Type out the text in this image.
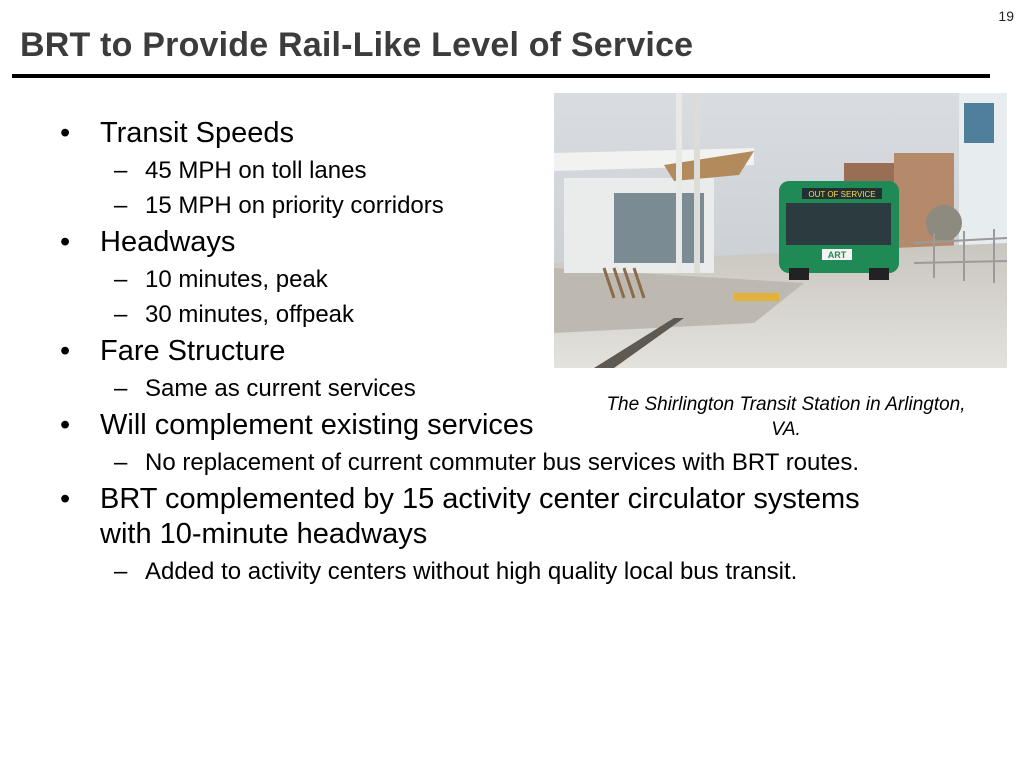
19
BRT to Provide Rail-Like Level of Service
• Transit Speeds
– 45 MPH on toll lanes
– 15 MPH on priority corridors
• Headways
– 10 minutes, peak
– 30 minutes, offpeak
• Fare Structure
– Same as current services
• Will complement existing services
– No replacement of current commuter bus services with BRT routes.
• BRT complemented by 15 activity center circulator systems with 10-minute headways
– Added to activity centers without high quality local bus transit.
OUT OF SERVICE
ART
The Shirlington Transit Station in Arlington, VA.
